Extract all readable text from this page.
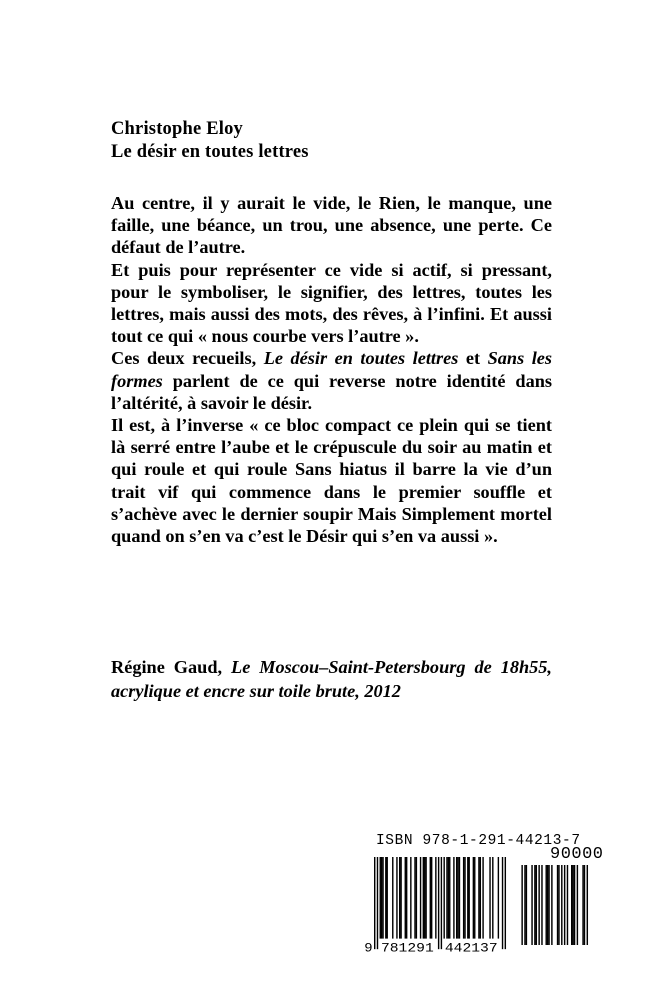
Christophe Eloy
Le désir en toutes lettres

Au centre, il y aurait le vide, le Rien, le manque, une faille, une béance, un trou, une absence, une perte. Ce défaut de l’autre.

Et puis pour représenter ce vide si actif, si pressant, pour le symboliser, le signifier, des lettres, toutes les lettres, mais aussi des mots, des rêves, à l’infini. Et aussi tout ce qui « nous courbe vers l’autre ».

Ces deux recueils, Le désir en toutes lettres et Sans les formes parlent de ce qui reverse notre identité dans l’altérité, à savoir le désir.

Il est, à l’inverse « ce bloc compact ce plein qui se tient là serré entre l’aube et le crépuscule du soir au matin et qui roule et qui roule Sans hiatus il barre la vie d’un trait vif qui commence dans le premier souffle et s’achève avec le dernier soupir Mais Simplement mortel quand on s’en va c’est le Désir qui s’en va aussi ».

Régine Gaud, Le Moscou–Saint-Petersbourg de 18h55, acrylique et encre sur toile brute, 2012
ISBN 978-1-291-44213-7
90000
9 781291 442137
